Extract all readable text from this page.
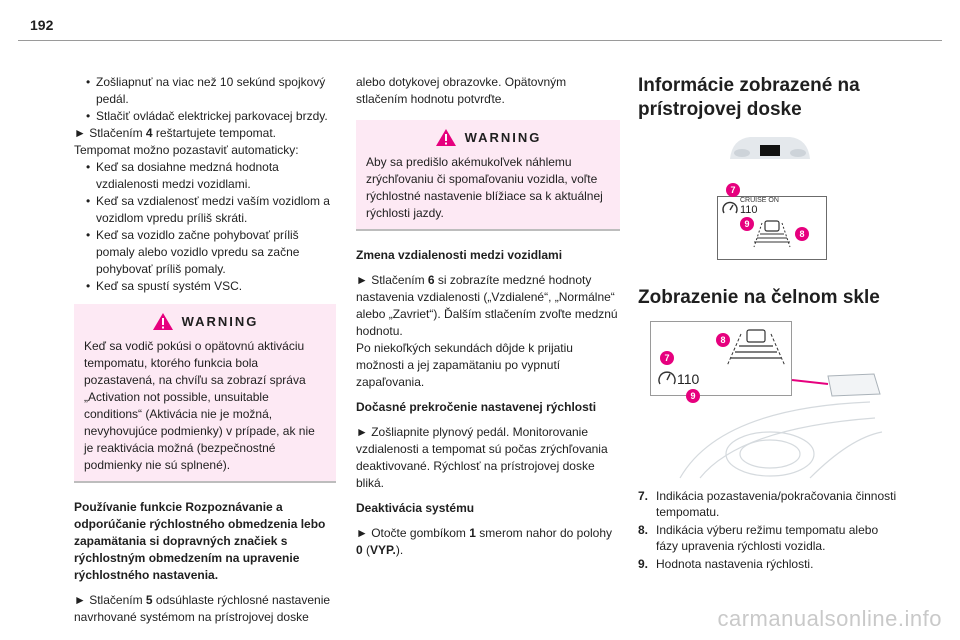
192

• Zošliapnuť na viac než 10 sekúnd spojkový pedál.

• Stlačiť ovládač elektrickej parkovacej brzdy.

► Stlačením 4 reštartujete tempomat.

Tempomat možno pozastaviť automaticky:

• Keď sa dosiahne medzná hodnota vzdialenosti medzi vozidlami.

• Keď sa vzdialenosť medzi vaším vozidlom a vozidlom vpredu príliš skráti.

• Keď sa vozidlo začne pohybovať príliš pomaly alebo vozidlo vpredu sa začne pohybovať príliš pomaly.

• Keď sa spustí systém VSC.

WARNING
Keď sa vodič pokúsi o opätovnú aktiváciu tempomatu, ktorého funkcia bola pozastavená, na chvíľu sa zobrazí správa „Activation not possible, unsuitable conditions“ (Aktivácia nie je možná, nevyhovujúce podmienky) v prípade, ak nie je reaktivácia možná (bezpečnostné podmienky nie sú splnené).

Používanie funkcie Rozpoznávanie a odporúčanie rýchlostného obmedzenia lebo zapamätania si dopravných značiek s rýchlostným obmedzením na upravenie rýchlostného nastavenia.

► Stlačením 5 odsúhlaste rýchlosné nastavenie navrhované systémom na prístrojovej doske

alebo dotykovej obrazovke. Opätovným stlačením hodnotu potvrďte.

WARNING
Aby sa predišlo akémukoľvek náhlemu zrýchľovaniu či spomaľovaniu vozidla, voľte rýchlostné nastavenie blížiace sa k aktuálnej rýchlosti jazdy.

Zmena vzdialenosti medzi vozidlami

► Stlačením 6 si zobrazíte medzné hodnoty nastavenia vzdialenosti („Vzdialené“, „Normálne“ alebo „Zavriet“). Ďalším stlačením zvoľte medznú hodnotu.

Po niekoľkých sekundách dôjde k prijatiu možnosti a jej zapamätaniu po vypnutí zapaľovania.

Dočasné prekročenie nastavenej rýchlosti

► Zošliapnite plynový pedál. Monitorovanie vzdialenosti a tempomat sú počas zrýchľovania deaktivované. Rýchlosť na prístrojovej doske bliká.

Deaktivácia systému

► Otočte gombíkom 1 smerom nahor do polohy 0 (VYP.).

Informácie zobrazené na prístrojovej doske
CRUISE ON
110
7
9
8
Zobrazenie na čelnom skle
110
8
7
9
7. Indikácia pozastavenia/pokračovania činnosti tempomatu.
8. Indikácia výberu režimu tempomatu alebo fázy upravenia rýchlosti vozidla.
9. Hodnota nastavenia rýchlosti.
carmanualsonline.info
